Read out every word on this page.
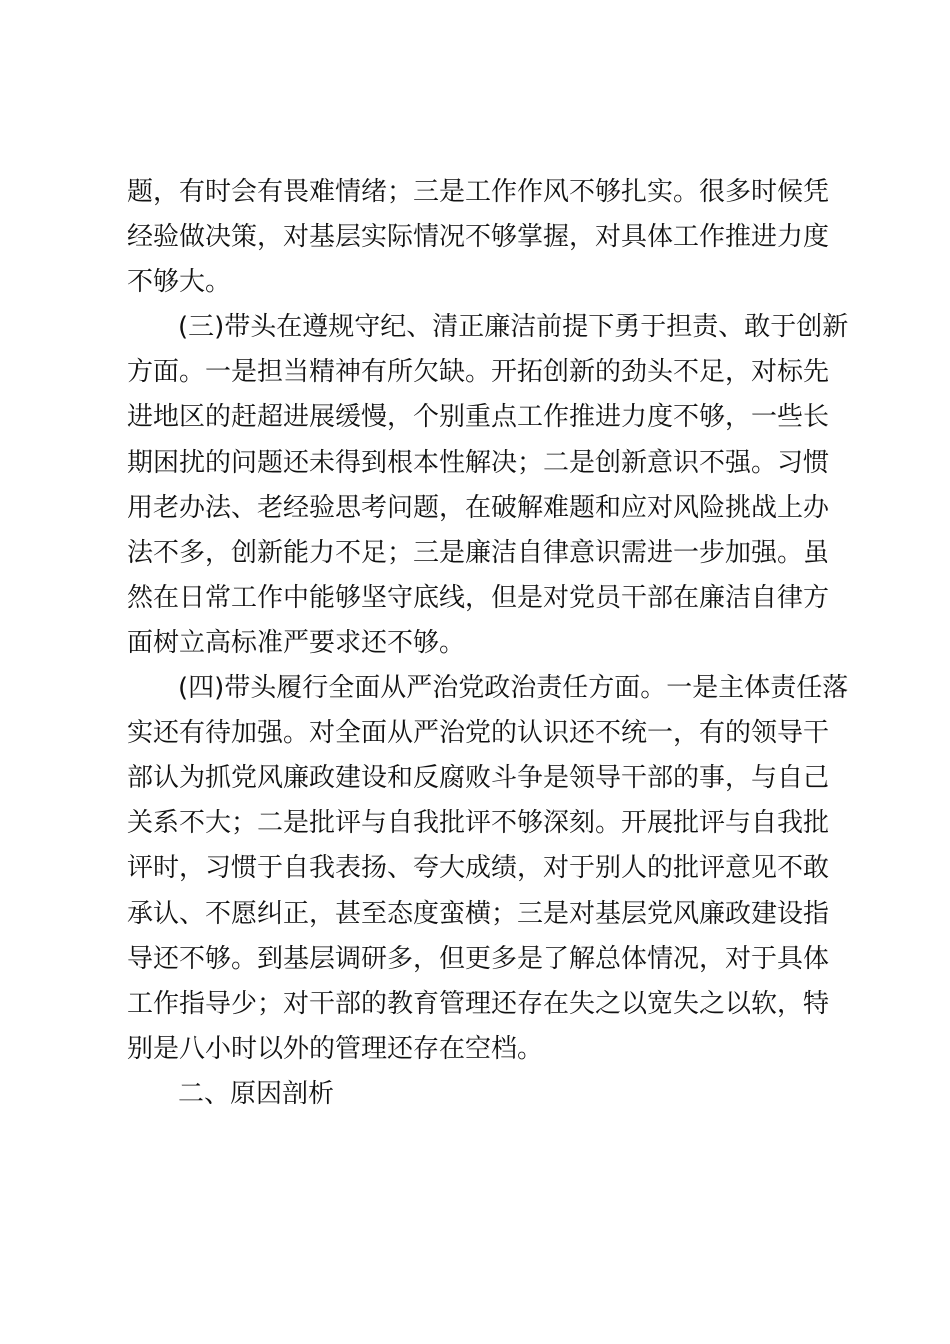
题，有时会有畏难情绪；三是工作作风不够扎实。很多时候凭
经验做决策，对基层实际情况不够掌握，对具体工作推进力度
不够大。
(三)带头在遵规守纪、清正廉洁前提下勇于担责、敢于创新
方面。一是担当精神有所欠缺。开拓创新的劲头不足，对标先
进地区的赶超进展缓慢，个别重点工作推进力度不够，一些长
期困扰的问题还未得到根本性解决；二是创新意识不强。习惯
用老办法、老经验思考问题，在破解难题和应对风险挑战上办
法不多，创新能力不足；三是廉洁自律意识需进一步加强。虽
然在日常工作中能够坚守底线，但是对党员干部在廉洁自律方
面树立高标准严要求还不够。
(四)带头履行全面从严治党政治责任方面。一是主体责任落
实还有待加强。对全面从严治党的认识还不统一，有的领导干
部认为抓党风廉政建设和反腐败斗争是领导干部的事，与自己
关系不大；二是批评与自我批评不够深刻。开展批评与自我批
评时，习惯于自我表扬、夸大成绩，对于别人的批评意见不敢
承认、不愿纠正，甚至态度蛮横；三是对基层党风廉政建设指
导还不够。到基层调研多，但更多是了解总体情况，对于具体
工作指导少；对干部的教育管理还存在失之以宽失之以软，特
别是八小时以外的管理还存在空档。
二、原因剖析
